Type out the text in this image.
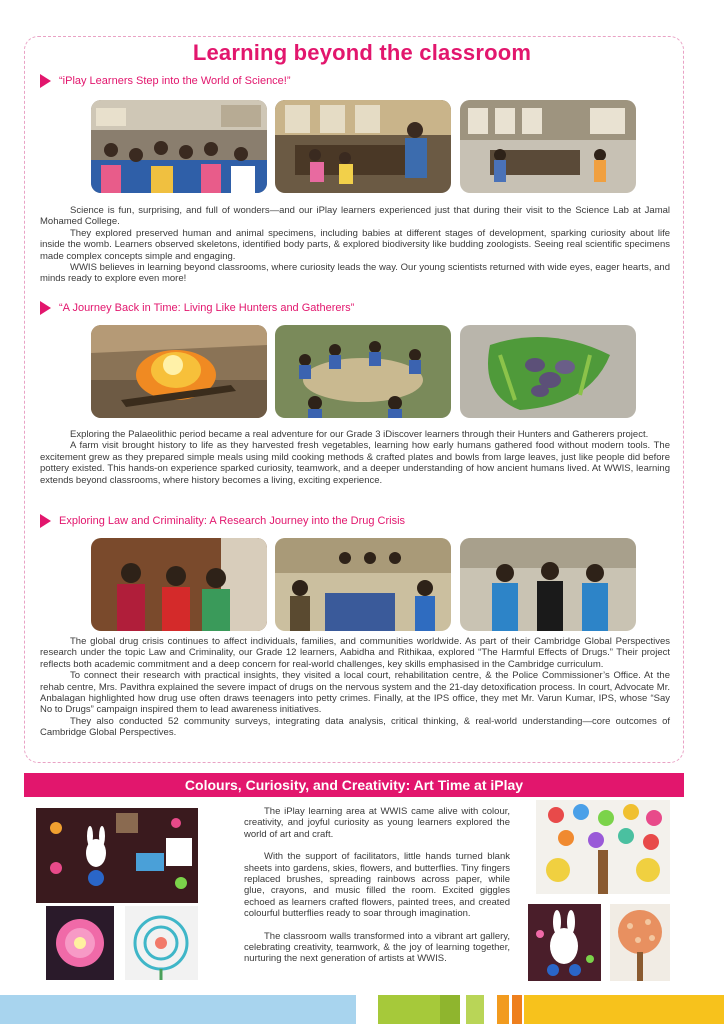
Learning beyond the classroom
“iPlay Learners Step into the World of Science!”

Science is fun, surprising, and full of wonders—and our iPlay learners experienced just that during their visit to the Science Lab at Jamal Mohamed College.

They explored preserved human and animal specimens, including babies at different stages of development, sparking curiosity about life inside the womb. Learners observed skeletons, identified body parts, & explored biodiversity like budding zoologists. Seeing real scientific specimens made complex concepts simple and engaging.

WWIS believes in learning beyond classrooms, where curiosity leads the way. Our young scientists returned with wide eyes, eager hearts, and minds ready to explore even more!

“A Journey Back in Time: Living Like Hunters and Gatherers”

Exploring the Palaeolithic period became a real adventure for our Grade 3 iDiscover learners through their Hunters and Gatherers project.

A farm visit brought history to life as they harvested fresh vegetables, learning how early humans gathered food without modern tools. The excitement grew as they prepared simple meals using mild cooking methods & crafted plates and bowls from large leaves, just like people did before pottery existed. This hands-on experience sparked curiosity, teamwork, and a deeper understanding of how ancient humans lived. At WWIS, learning extends beyond classrooms, where history becomes a living, exciting experience.

Exploring Law and Criminality: A Research Journey into the Drug Crisis

The global drug crisis continues to affect individuals, families, and communities worldwide. As part of their Cambridge Global Perspectives research under the topic Law and Criminality, our Grade 12 learners, Aabidha and Rithikaa, explored “The Harmful Effects of Drugs.” Their project reflects both academic commitment and a deep concern for real-world challenges, key skills emphasised in the Cambridge curriculum.

To connect their research with practical insights, they visited a local court, rehabilitation centre, & the Police Commissioner’s Office. At the rehab centre, Mrs. Pavithra explained the severe impact of drugs on the nervous system and the 21-day detoxification process. In court, Advocate Mr. Anbalagan highlighted how drug use often draws teenagers into petty crimes. Finally, at the IPS office, they met Mr. Varun Kumar, IPS, whose “Say No to Drugs” campaign inspired them to lead awareness initiatives.

They also conducted 52 community surveys, integrating data analysis, critical thinking, & real-world understanding—core outcomes of Cambridge Global Perspectives.

Colours, Curiosity, and Creativity: Art Time at iPlay

The iPlay learning area at WWIS came alive with colour, creativity, and joyful curiosity as young learners explored the world of art and craft.

With the support of facilitators, little hands turned blank sheets into gardens, skies, flowers, and butterflies. Tiny fingers replaced brushes, spreading rainbows across paper, while glue, crayons, and music filled the room. Excited giggles echoed as learners crafted flowers, painted trees, and created colourful butterflies ready to soar through imagination.

The classroom walls transformed into a vibrant art gallery, celebrating creativity, teamwork, & the joy of learning together, nurturing the next generation of artists at WWIS.
